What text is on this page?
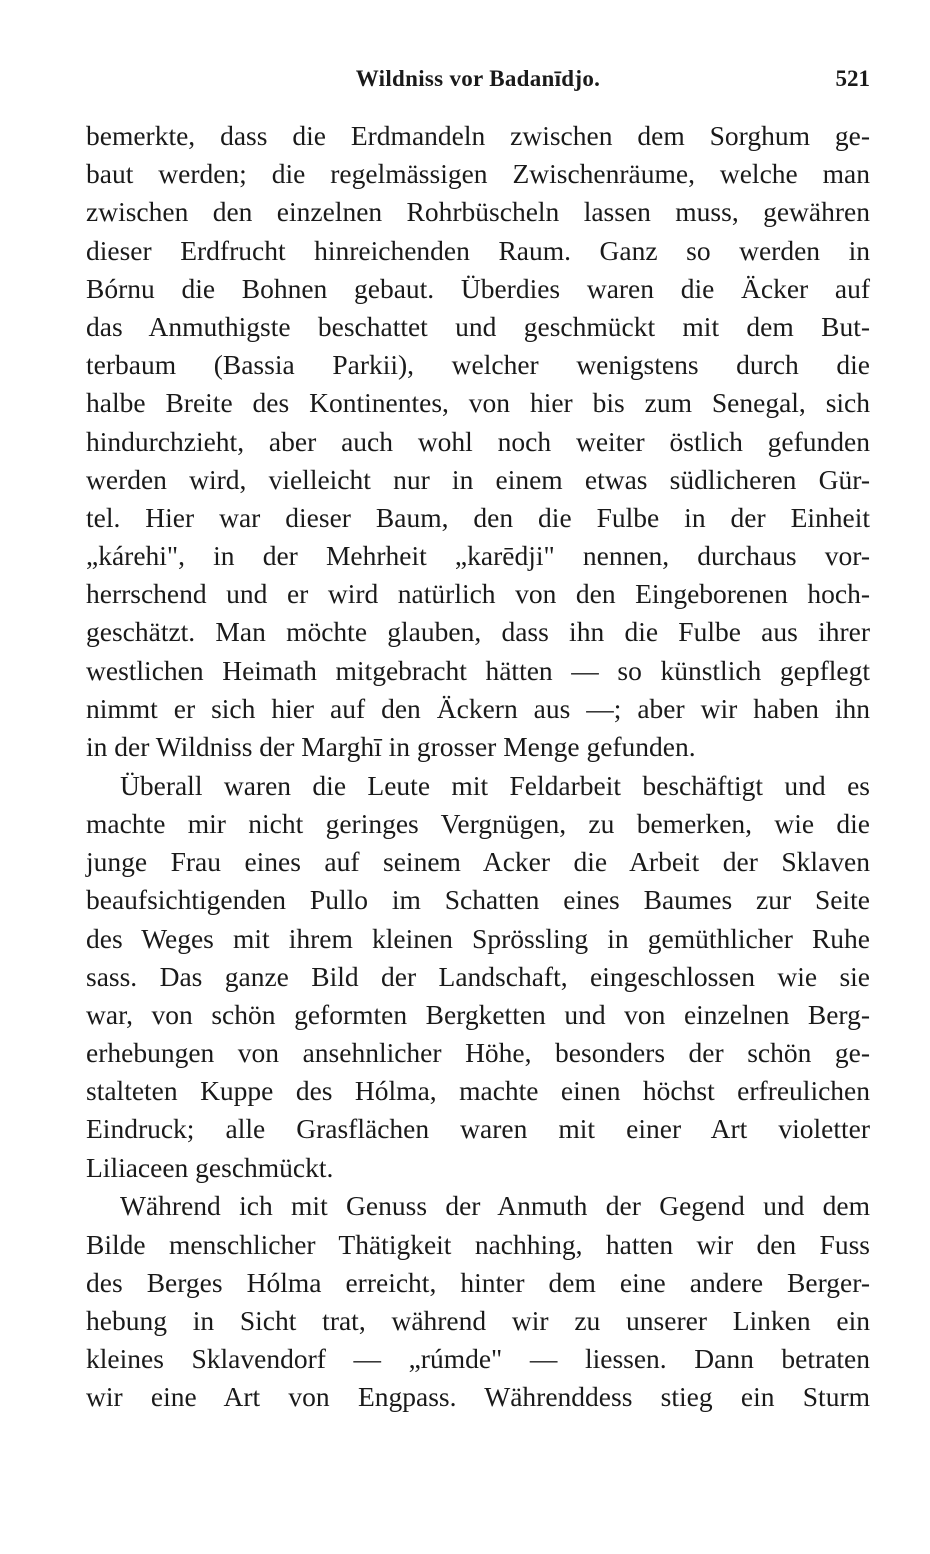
Wildniss vor Badanīdjo.	521
bemerkte, dass die Erdmandeln zwischen dem Sorghum ge-
baut werden; die regelmässigen Zwischenräume, welche man
zwischen den einzelnen Rohrbüscheln lassen muss, gewähren
dieser Erdfrucht hinreichenden Raum. Ganz so werden in
Bórnu die Bohnen gebaut. Überdies waren die Äcker auf
das Anmuthigste beschattet und geschmückt mit dem But-
terbaum (Bassia Parkii), welcher wenigstens durch die
halbe Breite des Kontinentes, von hier bis zum Senegal, sich
hindurchzieht, aber auch wohl noch weiter östlich gefunden
werden wird, vielleicht nur in einem etwas südlicheren Gür-
tel. Hier war dieser Baum, den die Fulbe in der Einheit
„kárehi", in der Mehrheit „karēdji" nennen, durchaus vor-
herrschend und er wird natürlich von den Eingeborenen hoch-
geschätzt. Man möchte glauben, dass ihn die Fulbe aus ihrer
westlichen Heimath mitgebracht hätten — so künstlich gepflegt
nimmt er sich hier auf den Äckern aus —; aber wir haben ihn
in der Wildniss der Marghī in grosser Menge gefunden.
Überall waren die Leute mit Feldarbeit beschäftigt und es
machte mir nicht geringes Vergnügen, zu bemerken, wie die
junge Frau eines auf seinem Acker die Arbeit der Sklaven
beaufsichtigenden Pullo im Schatten eines Baumes zur Seite
des Weges mit ihrem kleinen Sprössling in gemüthlicher Ruhe
sass. Das ganze Bild der Landschaft, eingeschlossen wie sie
war, von schön geformten Bergketten und von einzelnen Berg-
erhebungen von ansehnlicher Höhe, besonders der schön ge-
stalteten Kuppe des Hólma, machte einen höchst erfreulichen
Eindruck; alle Grasflächen waren mit einer Art violetter
Liliaceen geschmückt.
Während ich mit Genuss der Anmuth der Gegend und dem
Bilde menschlicher Thätigkeit nachhing, hatten wir den Fuss
des Berges Hólma erreicht, hinter dem eine andere Berger-
hebung in Sicht trat, während wir zu unserer Linken ein
kleines Sklavendorf — „rúmde" — liessen. Dann betraten
wir eine Art von Engpass. Währenddess stieg ein Sturm
